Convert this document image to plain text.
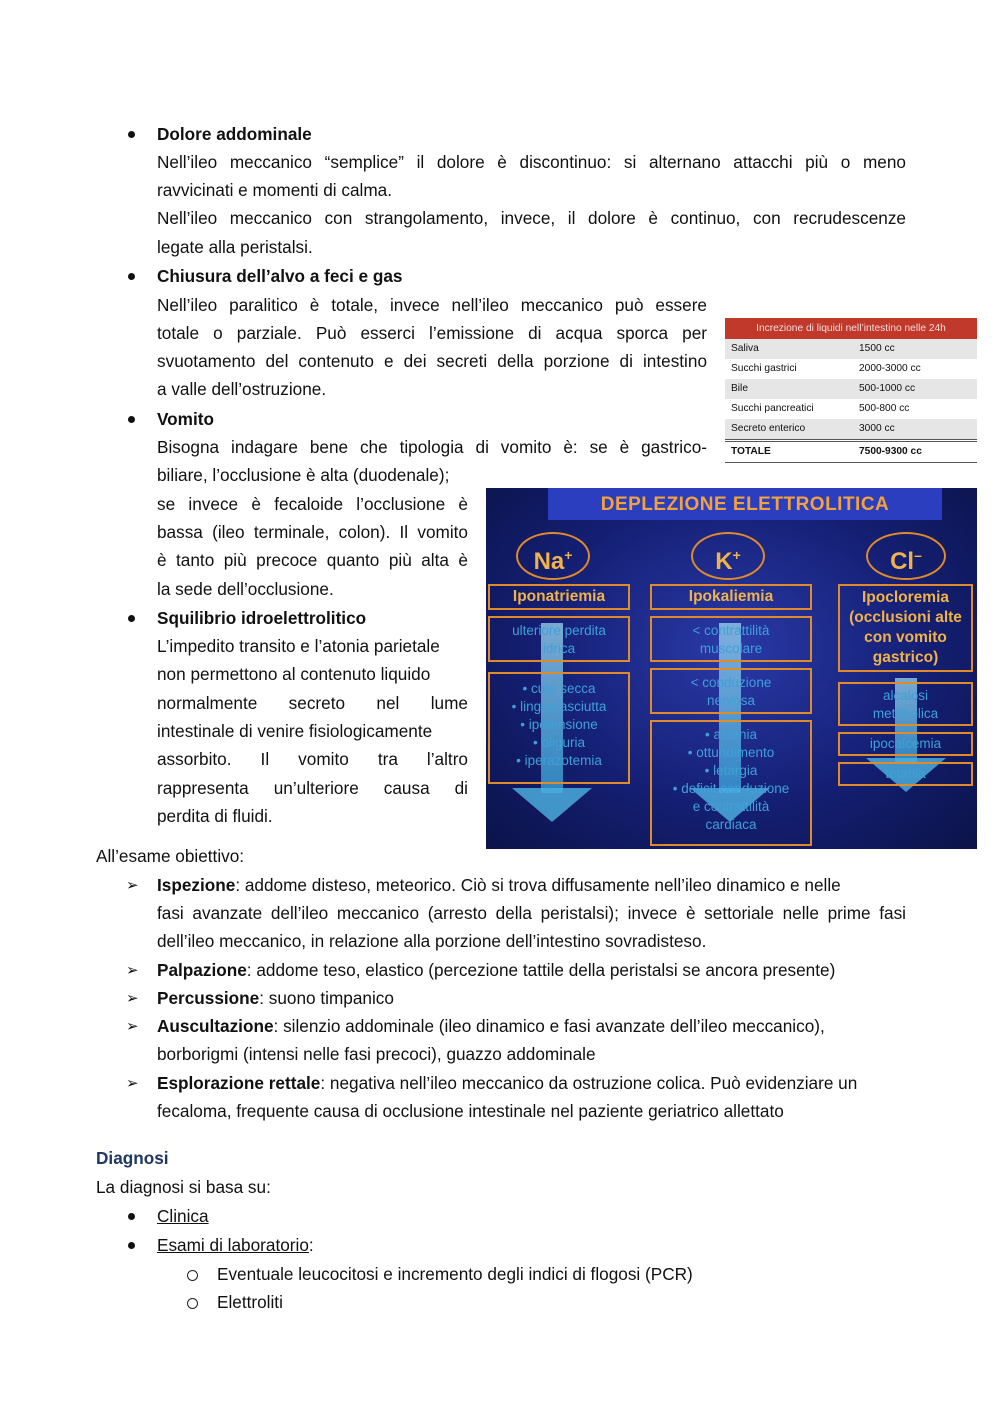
Dolore addominale
Nell’ileo meccanico “semplice” il dolore è discontinuo: si alternano attacchi più o meno
ravvicinati e momenti di calma.
Nell’ileo meccanico con strangolamento, invece, il dolore è continuo, con recrudescenze
legate alla peristalsi.
Chiusura dell’alvo a feci e gas
Nell’ileo paralitico è totale, invece nell’ileo meccanico può essere
totale o parziale. Può esserci l’emissione di acqua sporca per
svuotamento del contenuto e dei secreti della porzione di intestino
a valle dell’ostruzione.
Vomito
Bisogna indagare bene che tipologia di vomito è: se è gastrico-
biliare, l’occlusione è alta (duodenale);
se invece è fecaloide l’occlusione è
bassa (ileo terminale, colon). Il vomito
è tanto più precoce quanto più alta è
la sede dell’occlusione.
Squilibrio idroelettrolitico
L’impedito transito e l’atonia parietale
non permettono al contenuto liquido
normalmente secreto nel lume
intestinale di venire fisiologicamente
assorbito. Il vomito tra l’altro
rappresenta un’ulteriore causa di
perdita di fluidi.
Increzione di liquidi nell’intestino nelle 24h
Saliva	1500 cc
Succhi gastrici	2000-3000 cc
Bile	500-1000 cc
Succhi pancreatici	500-800 cc
Secreto enterico	3000 cc
TOTALE	7500-9300 cc
DEPLEZIONE ELETTROLITICA
Na+	K+	Cl–
Iponatriemia	Ipokaliemia	Ipocloremia
(occlusioni alte
con vomito
gastrico)
ulteriore perdita
idrica
• cute secca
• lingua asciutta
• ipotensione
• oliguria
• iperazotemia
< contrattilità
muscolare
< conduzione
nervosa
• astenia
• ottundimento
• letargia
• deficit conduzione
e contrattilità
cardiaca
alcalosi
metabolica
ipocalcemia
tetania
All’esame obiettivo:
➢ Ispezione: addome disteso, meteorico. Ciò si trova diffusamente nell’ileo dinamico e nelle
fasi avanzate dell’ileo meccanico (arresto della peristalsi); invece è settoriale nelle prime fasi
dell’ileo meccanico, in relazione alla porzione dell’intestino sovradisteso.
➢ Palpazione: addome teso, elastico (percezione tattile della peristalsi se ancora presente)
➢ Percussione: suono timpanico
➢ Auscultazione: silenzio addominale (ileo dinamico e fasi avanzate dell’ileo meccanico),
borborigmi (intensi nelle fasi precoci), guazzo addominale
➢ Esplorazione rettale: negativa nell’ileo meccanico da ostruzione colica. Può evidenziare un
fecaloma, frequente causa di occlusione intestinale nel paziente geriatrico allettato
Diagnosi
La diagnosi si basa su:
Clinica
Esami di laboratorio:
Eventuale leucocitosi e incremento degli indici di flogosi (PCR)
Elettroliti
